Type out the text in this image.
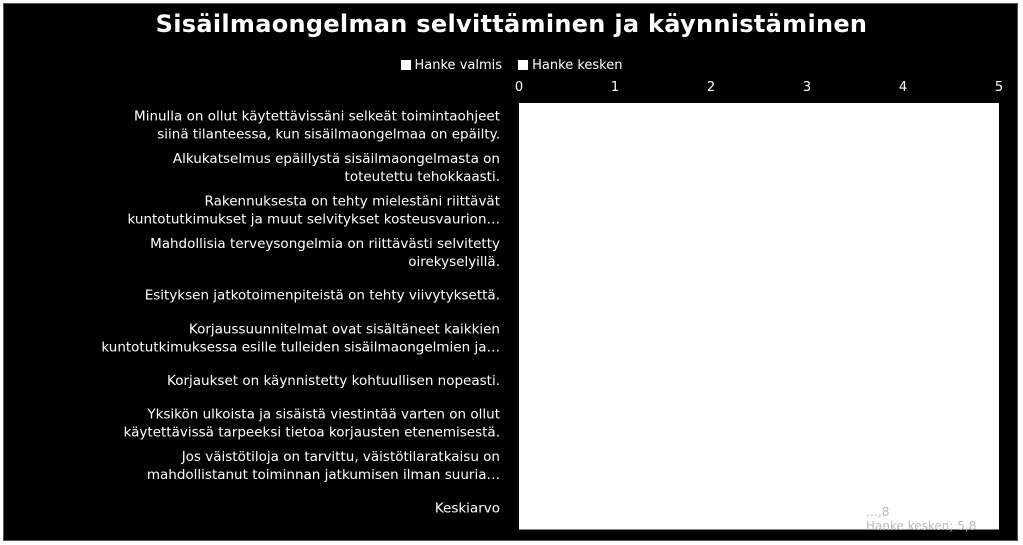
Sisäilmaongelman selvittäminen ja käynnistäminen
Hanke valmis Hanke kesken
0	1	2	3	4	5
Minulla on ollut käytettävissäni selkeät toimintaohjeet
siinä tilanteessa, kun sisäilmaongelmaa on epäilty.
Alkukatselmus epäillystä sisäilmaongelmasta on
toteutettu tehokkaasti.
Rakennuksesta on tehty mielestäni riittävät
kuntotutkimukset ja muut selvitykset kosteusvaurion…
Mahdollisia terveysongelmia on riittävästi selvitetty
oirekyselyillä.
Esityksen jatkotoimenpiteistä on tehty viivytyksettä.
Korjaussuunnitelmat ovat sisältäneet kaikkien
kuntotutkimuksessa esille tulleiden sisäilmaongelmien ja…
Korjaukset on käynnistetty kohtuullisen nopeasti.
Yksikön ulkoista ja sisäistä viestintää varten on ollut
käytettävissä tarpeeksi tietoa korjausten etenemisestä.
Jos väistötiloja on tarvittu, väistötilaratkaisu on
mahdollistanut toiminnan jatkumisen ilman suuria…
Keskiarvo	…,8
Hanke kesken; 5,8
